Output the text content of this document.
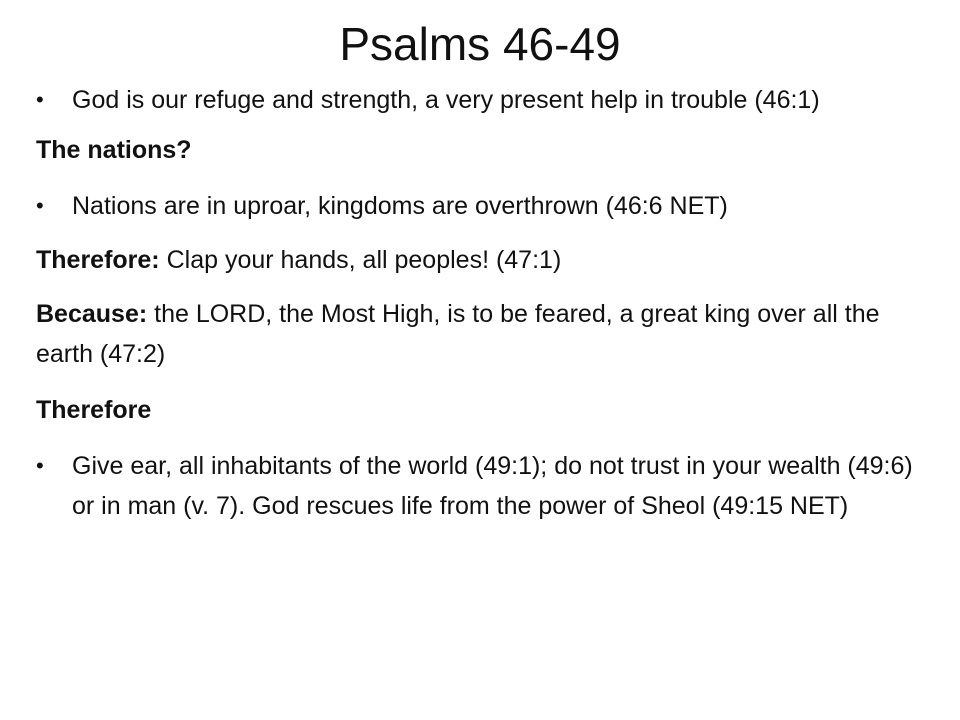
Psalms 46-49
•	God is our refuge and strength, a very present help in trouble (46:1)
The nations?
•	Nations are in uproar, kingdoms are overthrown (46:6 NET)
Therefore: Clap your hands, all peoples! (47:1)
Because: the LORD, the Most High, is to be feared, a great king over all the earth (47:2)
Therefore
•	Give ear, all inhabitants of the world (49:1); do not trust in your wealth (49:6) or in man (v. 7). God rescues life from the power of Sheol (49:15 NET)
